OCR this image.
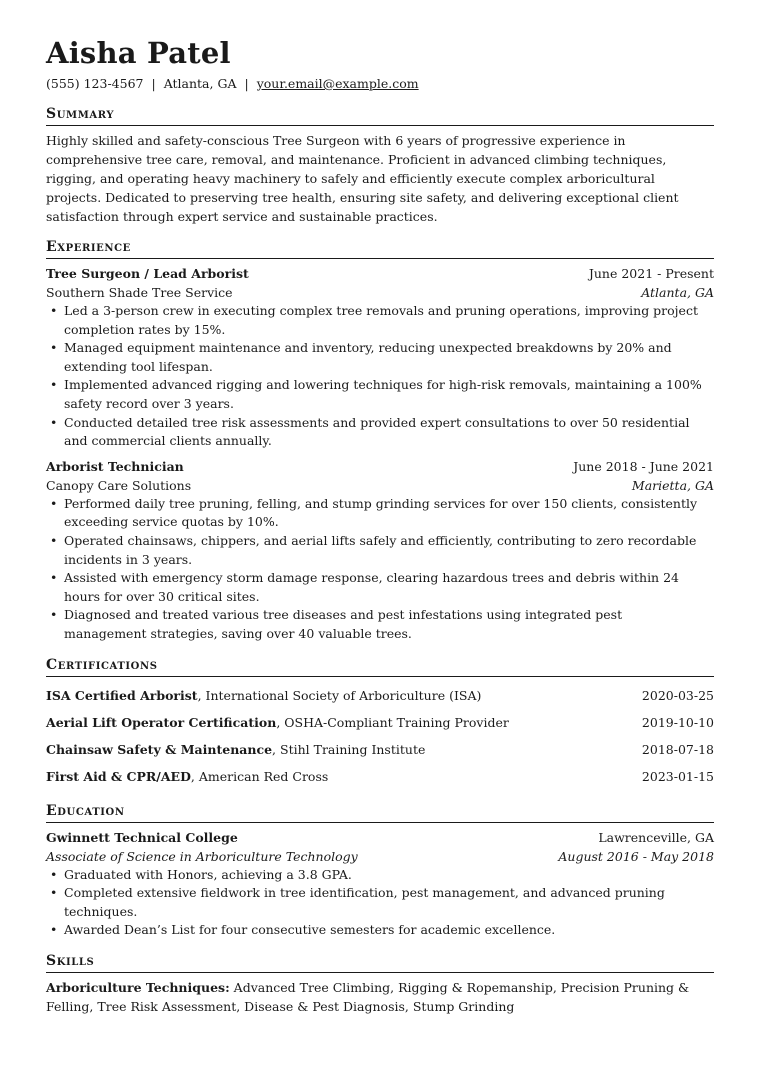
Aisha Patel
(555) 123-4567 | Atlanta, GA | your.email@example.com
Summary

Highly skilled and safety-conscious Tree Surgeon with 6 years of progressive experience in comprehensive tree care, removal, and maintenance. Proficient in advanced climbing techniques, rigging, and operating heavy machinery to safely and efficiently execute complex arboricultural projects. Dedicated to preserving tree health, ensuring site safety, and delivering exceptional client satisfaction through expert service and sustainable practices.

Experience
Tree Surgeon / Lead Arborist	June 2021 - Present
Southern Shade Tree Service	Atlanta, GA
• Led a 3-person crew in executing complex tree removals and pruning operations, improving project completion rates by 15%.
• Managed equipment maintenance and inventory, reducing unexpected breakdowns by 20% and extending tool lifespan.
• Implemented advanced rigging and lowering techniques for high-risk removals, maintaining a 100% safety record over 3 years.
• Conducted detailed tree risk assessments and provided expert consultations to over 50 residential and commercial clients annually.
Arborist Technician	June 2018 - June 2021
Canopy Care Solutions	Marietta, GA
• Performed daily tree pruning, felling, and stump grinding services for over 150 clients, consistently exceeding service quotas by 10%.
• Operated chainsaws, chippers, and aerial lifts safely and efficiently, contributing to zero recordable incidents in 3 years.
• Assisted with emergency storm damage response, clearing hazardous trees and debris within 24 hours for over 30 critical sites.
• Diagnosed and treated various tree diseases and pest infestations using integrated pest management strategies, saving over 40 valuable trees.
Certifications
ISA Certified Arborist, International Society of Arboriculture (ISA)	2020-03-25
Aerial Lift Operator Certification, OSHA-Compliant Training Provider	2019-10-10
Chainsaw Safety & Maintenance, Stihl Training Institute	2018-07-18
First Aid & CPR/AED, American Red Cross	2023-01-15
Education
Gwinnett Technical College	Lawrenceville, GA
Associate of Science in Arboriculture Technology	August 2016 - May 2018
• Graduated with Honors, achieving a 3.8 GPA.
• Completed extensive fieldwork in tree identification, pest management, and advanced pruning techniques.
• Awarded Dean’s List for four consecutive semesters for academic excellence.
Skills
Arboriculture Techniques: Advanced Tree Climbing, Rigging & Ropemanship, Precision Pruning & Felling, Tree Risk Assessment, Disease & Pest Diagnosis, Stump Grinding
